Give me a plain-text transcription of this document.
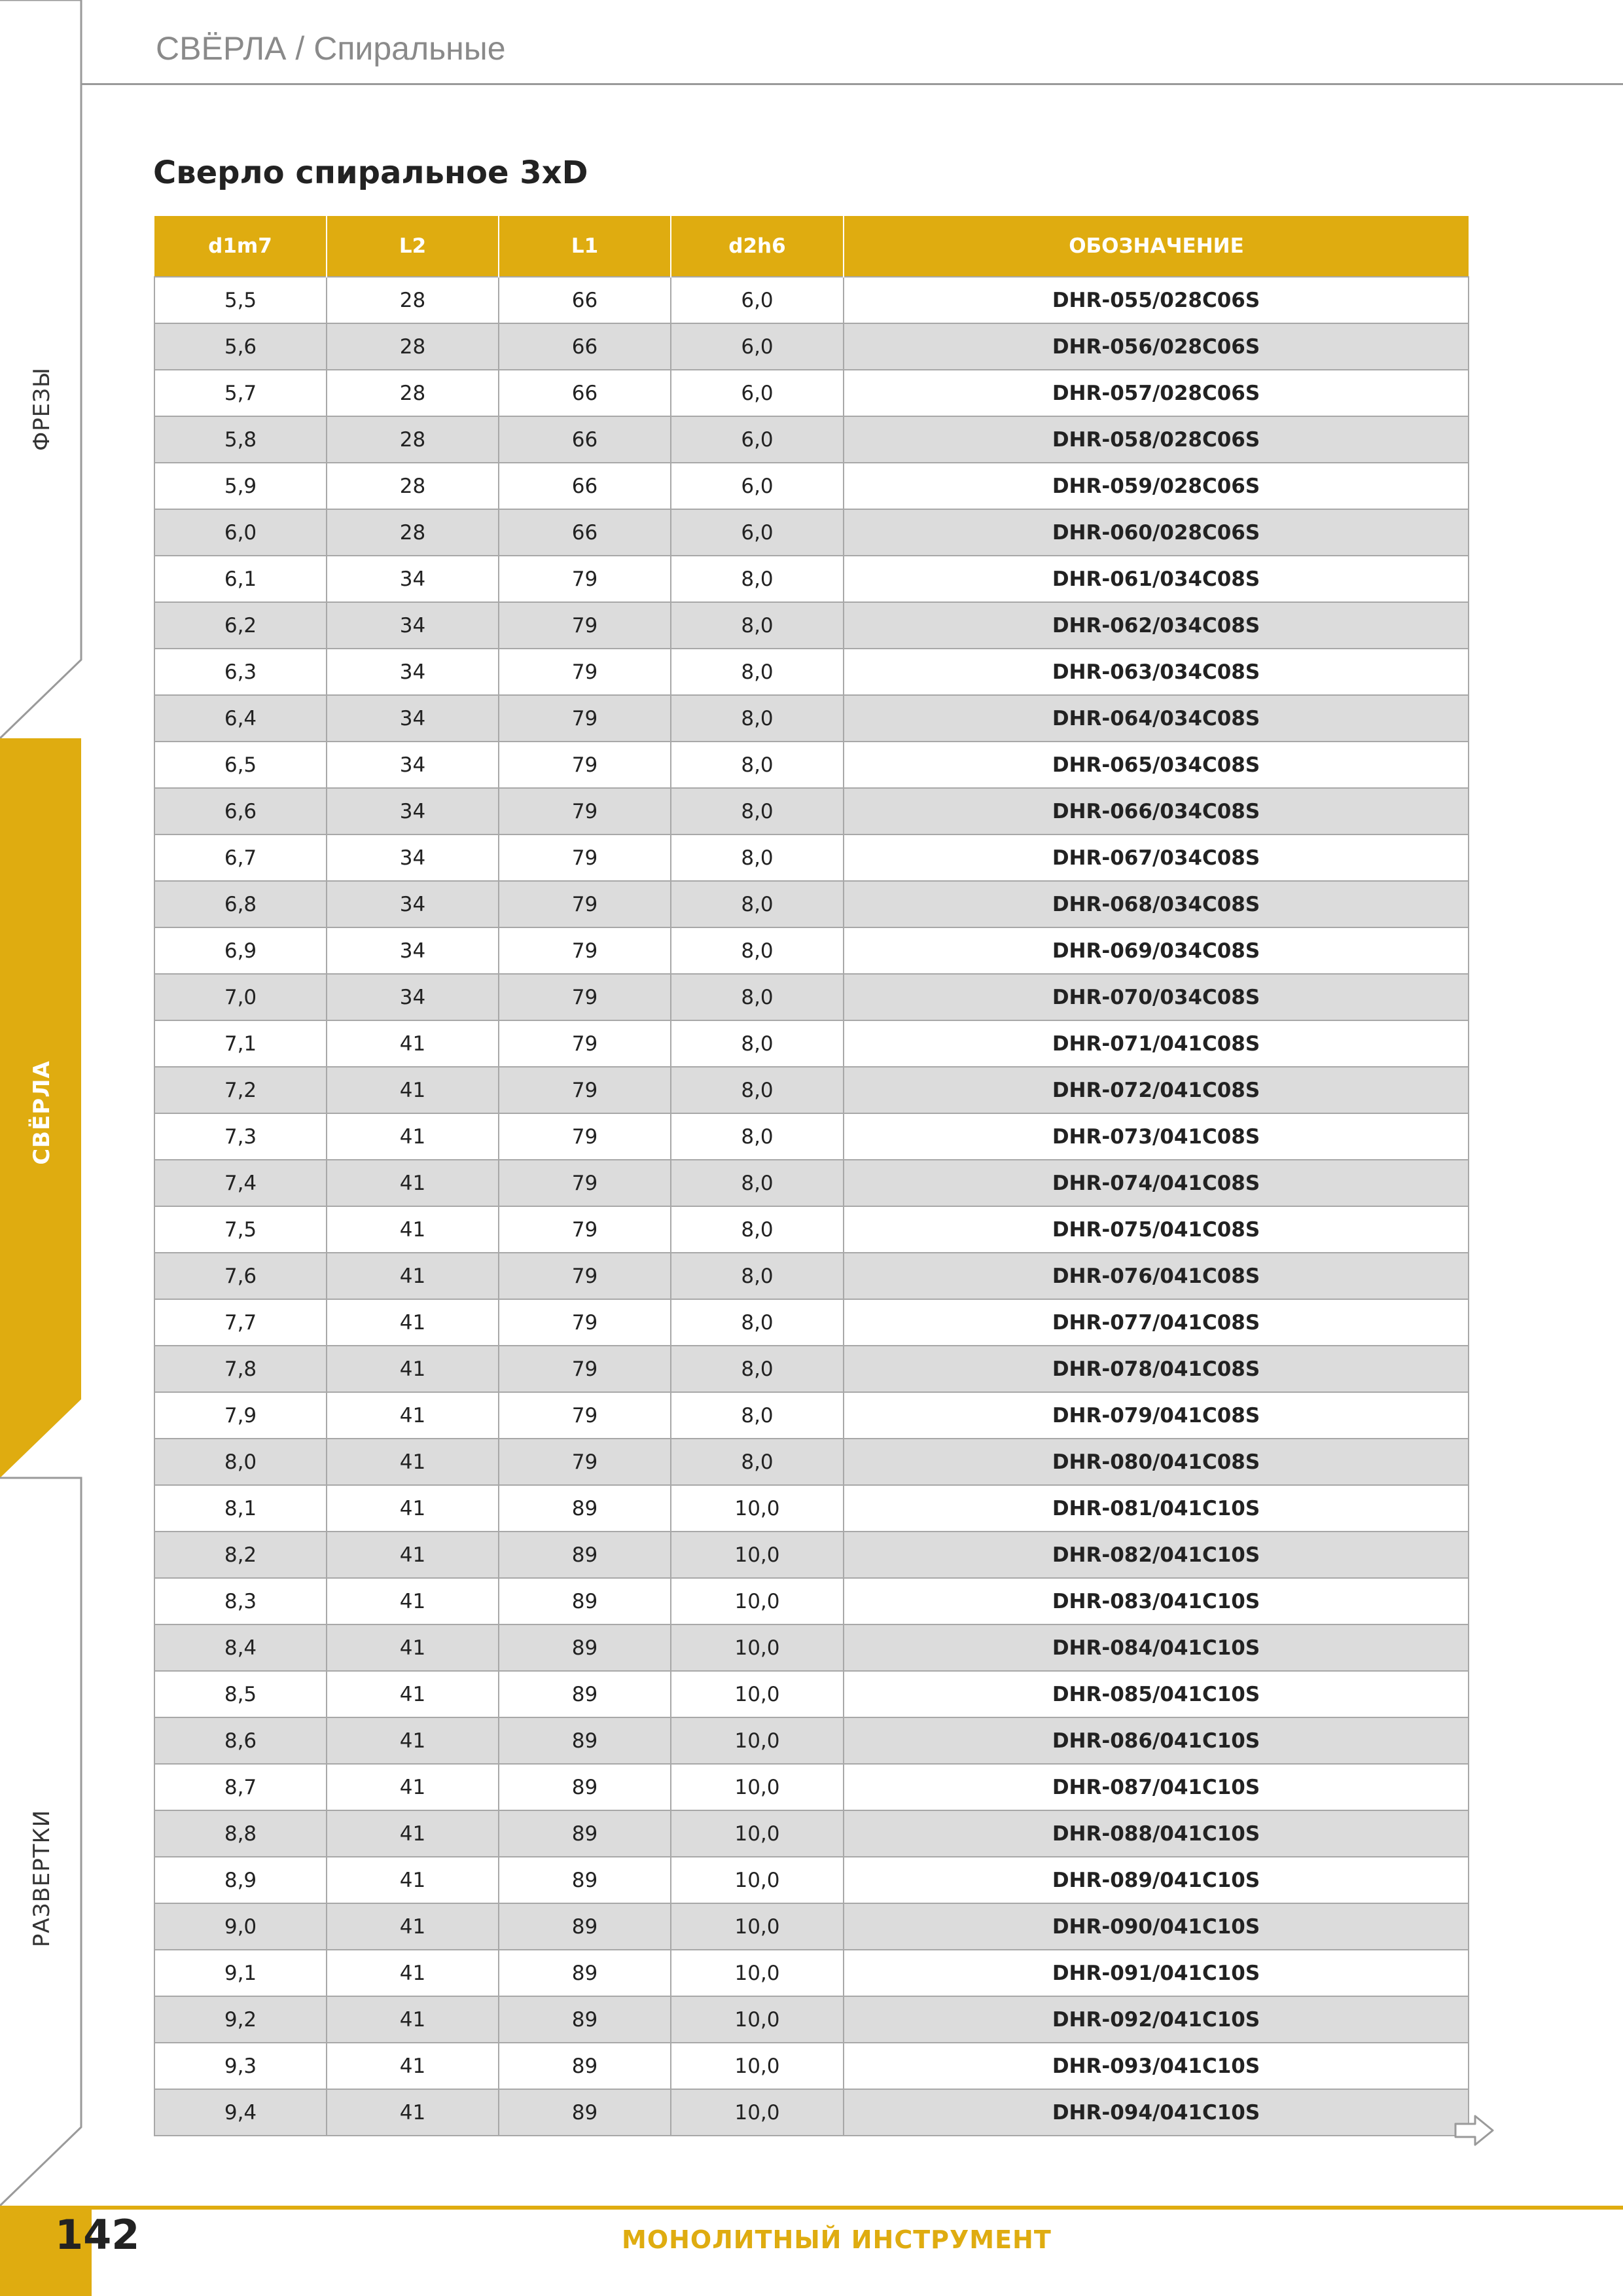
ФРЕЗЫ
СВЁРЛА
РАЗВЕРТКИ
СВЁРЛА / Спиральные
Сверло спиральное 3xD
d1m7	L2	L1	d2h6	ОБОЗНАЧЕНИЕ
5,5	28	66	6,0	DHR-055/028C06S
5,6	28	66	6,0	DHR-056/028C06S
5,7	28	66	6,0	DHR-057/028C06S
5,8	28	66	6,0	DHR-058/028C06S
5,9	28	66	6,0	DHR-059/028C06S
6,0	28	66	6,0	DHR-060/028C06S
6,1	34	79	8,0	DHR-061/034C08S
6,2	34	79	8,0	DHR-062/034C08S
6,3	34	79	8,0	DHR-063/034C08S
6,4	34	79	8,0	DHR-064/034C08S
6,5	34	79	8,0	DHR-065/034C08S
6,6	34	79	8,0	DHR-066/034C08S
6,7	34	79	8,0	DHR-067/034C08S
6,8	34	79	8,0	DHR-068/034C08S
6,9	34	79	8,0	DHR-069/034C08S
7,0	34	79	8,0	DHR-070/034C08S
7,1	41	79	8,0	DHR-071/041C08S
7,2	41	79	8,0	DHR-072/041C08S
7,3	41	79	8,0	DHR-073/041C08S
7,4	41	79	8,0	DHR-074/041C08S
7,5	41	79	8,0	DHR-075/041C08S
7,6	41	79	8,0	DHR-076/041C08S
7,7	41	79	8,0	DHR-077/041C08S
7,8	41	79	8,0	DHR-078/041C08S
7,9	41	79	8,0	DHR-079/041C08S
8,0	41	79	8,0	DHR-080/041C08S
8,1	41	89	10,0	DHR-081/041C10S
8,2	41	89	10,0	DHR-082/041C10S
8,3	41	89	10,0	DHR-083/041C10S
8,4	41	89	10,0	DHR-084/041C10S
8,5	41	89	10,0	DHR-085/041C10S
8,6	41	89	10,0	DHR-086/041C10S
8,7	41	89	10,0	DHR-087/041C10S
8,8	41	89	10,0	DHR-088/041C10S
8,9	41	89	10,0	DHR-089/041C10S
9,0	41	89	10,0	DHR-090/041C10S
9,1	41	89	10,0	DHR-091/041C10S
9,2	41	89	10,0	DHR-092/041C10S
9,3	41	89	10,0	DHR-093/041C10S
9,4	41	89	10,0	DHR-094/041C10S
142	МОНОЛИТНЫЙ ИНСТРУМЕНТ
